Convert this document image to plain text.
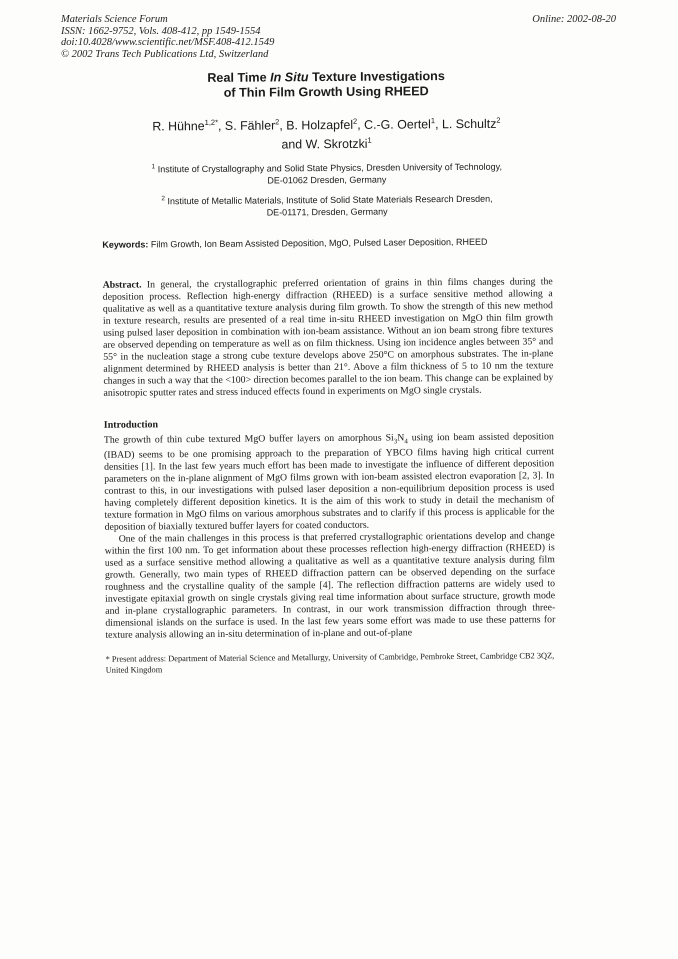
Materials Science Forum
ISSN: 1662-9752, Vols. 408-412, pp 1549-1554
doi:10.4028/www.scientific.net/MSF.408-412.1549
© 2002 Trans Tech Publications Ltd, Switzerland
Online: 2002-08-20
Real Time In Situ Texture Investigations
of Thin Film Growth Using RHEED
R. Hühne$^{1,2*}$, S. Fähler$^2$, B. Holzapfel$^2$, C.-G. Oertel$^1$, L. Schultz$^2$
and W. Skrotzki$^1$
$^1$ Institute of Crystallography and Solid State Physics, Dresden University of Technology,
DE-01062 Dresden, Germany
$^2$ Institute of Metallic Materials, Institute of Solid State Materials Research Dresden,
DE-01171, Dresden, Germany
Keywords: Film Growth, Ion Beam Assisted Deposition, MgO, Pulsed Laser Deposition, RHEED
Abstract. In general, the crystallographic preferred orientation of grains in thin films changes during the deposition process. Reflection high-energy diffraction (RHEED) is a surface sensitive method allowing a qualitative as well as a quantitative texture analysis during film growth. To show the strength of this new method in texture research, results are presented of a real time in-situ RHEED investigation on MgO thin film growth using pulsed laser deposition in combination with ion-beam assistance. Without an ion beam strong fibre textures are observed depending on temperature as well as on film thickness. Using ion incidence angles between 35° and 55° in the nucleation stage a strong cube texture develops above 250°C on amorphous substrates. The in-plane alignment determined by RHEED analysis is better than 21°. Above a film thickness of 5 to 10 nm the texture changes in such a way that the <100> direction becomes parallel to the ion beam. This change can be explained by anisotropic sputter rates and stress induced effects found in experiments on MgO single crystals.
Introduction

The growth of thin cube textured MgO buffer layers on amorphous $Si_3N_4$ using ion beam assisted deposition (IBAD) seems to be one promising approach to the preparation of YBCO films having high critical current densities [1]. In the last few years much effort has been made to investigate the influence of different deposition parameters on the in-plane alignment of MgO films grown with ion-beam assisted electron evaporation [2, 3]. In contrast to this, in our investigations with pulsed laser deposition a non-equilibrium deposition process is used having completely different deposition kinetics. It is the aim of this work to study in detail the mechanism of texture formation in MgO films on various amorphous substrates and to clarify if this process is applicable for the deposition of biaxially textured buffer layers for coated conductors.

One of the main challenges in this process is that preferred crystallographic orientations develop and change within the first 100 nm. To get information about these processes reflection high-energy diffraction (RHEED) is used as a surface sensitive method allowing a qualitative as well as a quantitative texture analysis during film growth. Generally, two main types of RHEED diffraction pattern can be observed depending on the surface roughness and the crystalline quality of the sample [4]. The reflection diffraction patterns are widely used to investigate epitaxial growth on single crystals giving real time information about surface structure, growth mode and in-plane crystallographic parameters. In contrast, in our work transmission diffraction through three-dimensional islands on the surface is used. In the last few years some effort was made to use these patterns for texture analysis allowing an in-situ determination of in-plane and out-of-plane

* Present address: Department of Material Science and Metallurgy, University of Cambridge, Pembroke Street, Cambridge CB2 3QZ, United Kingdom
